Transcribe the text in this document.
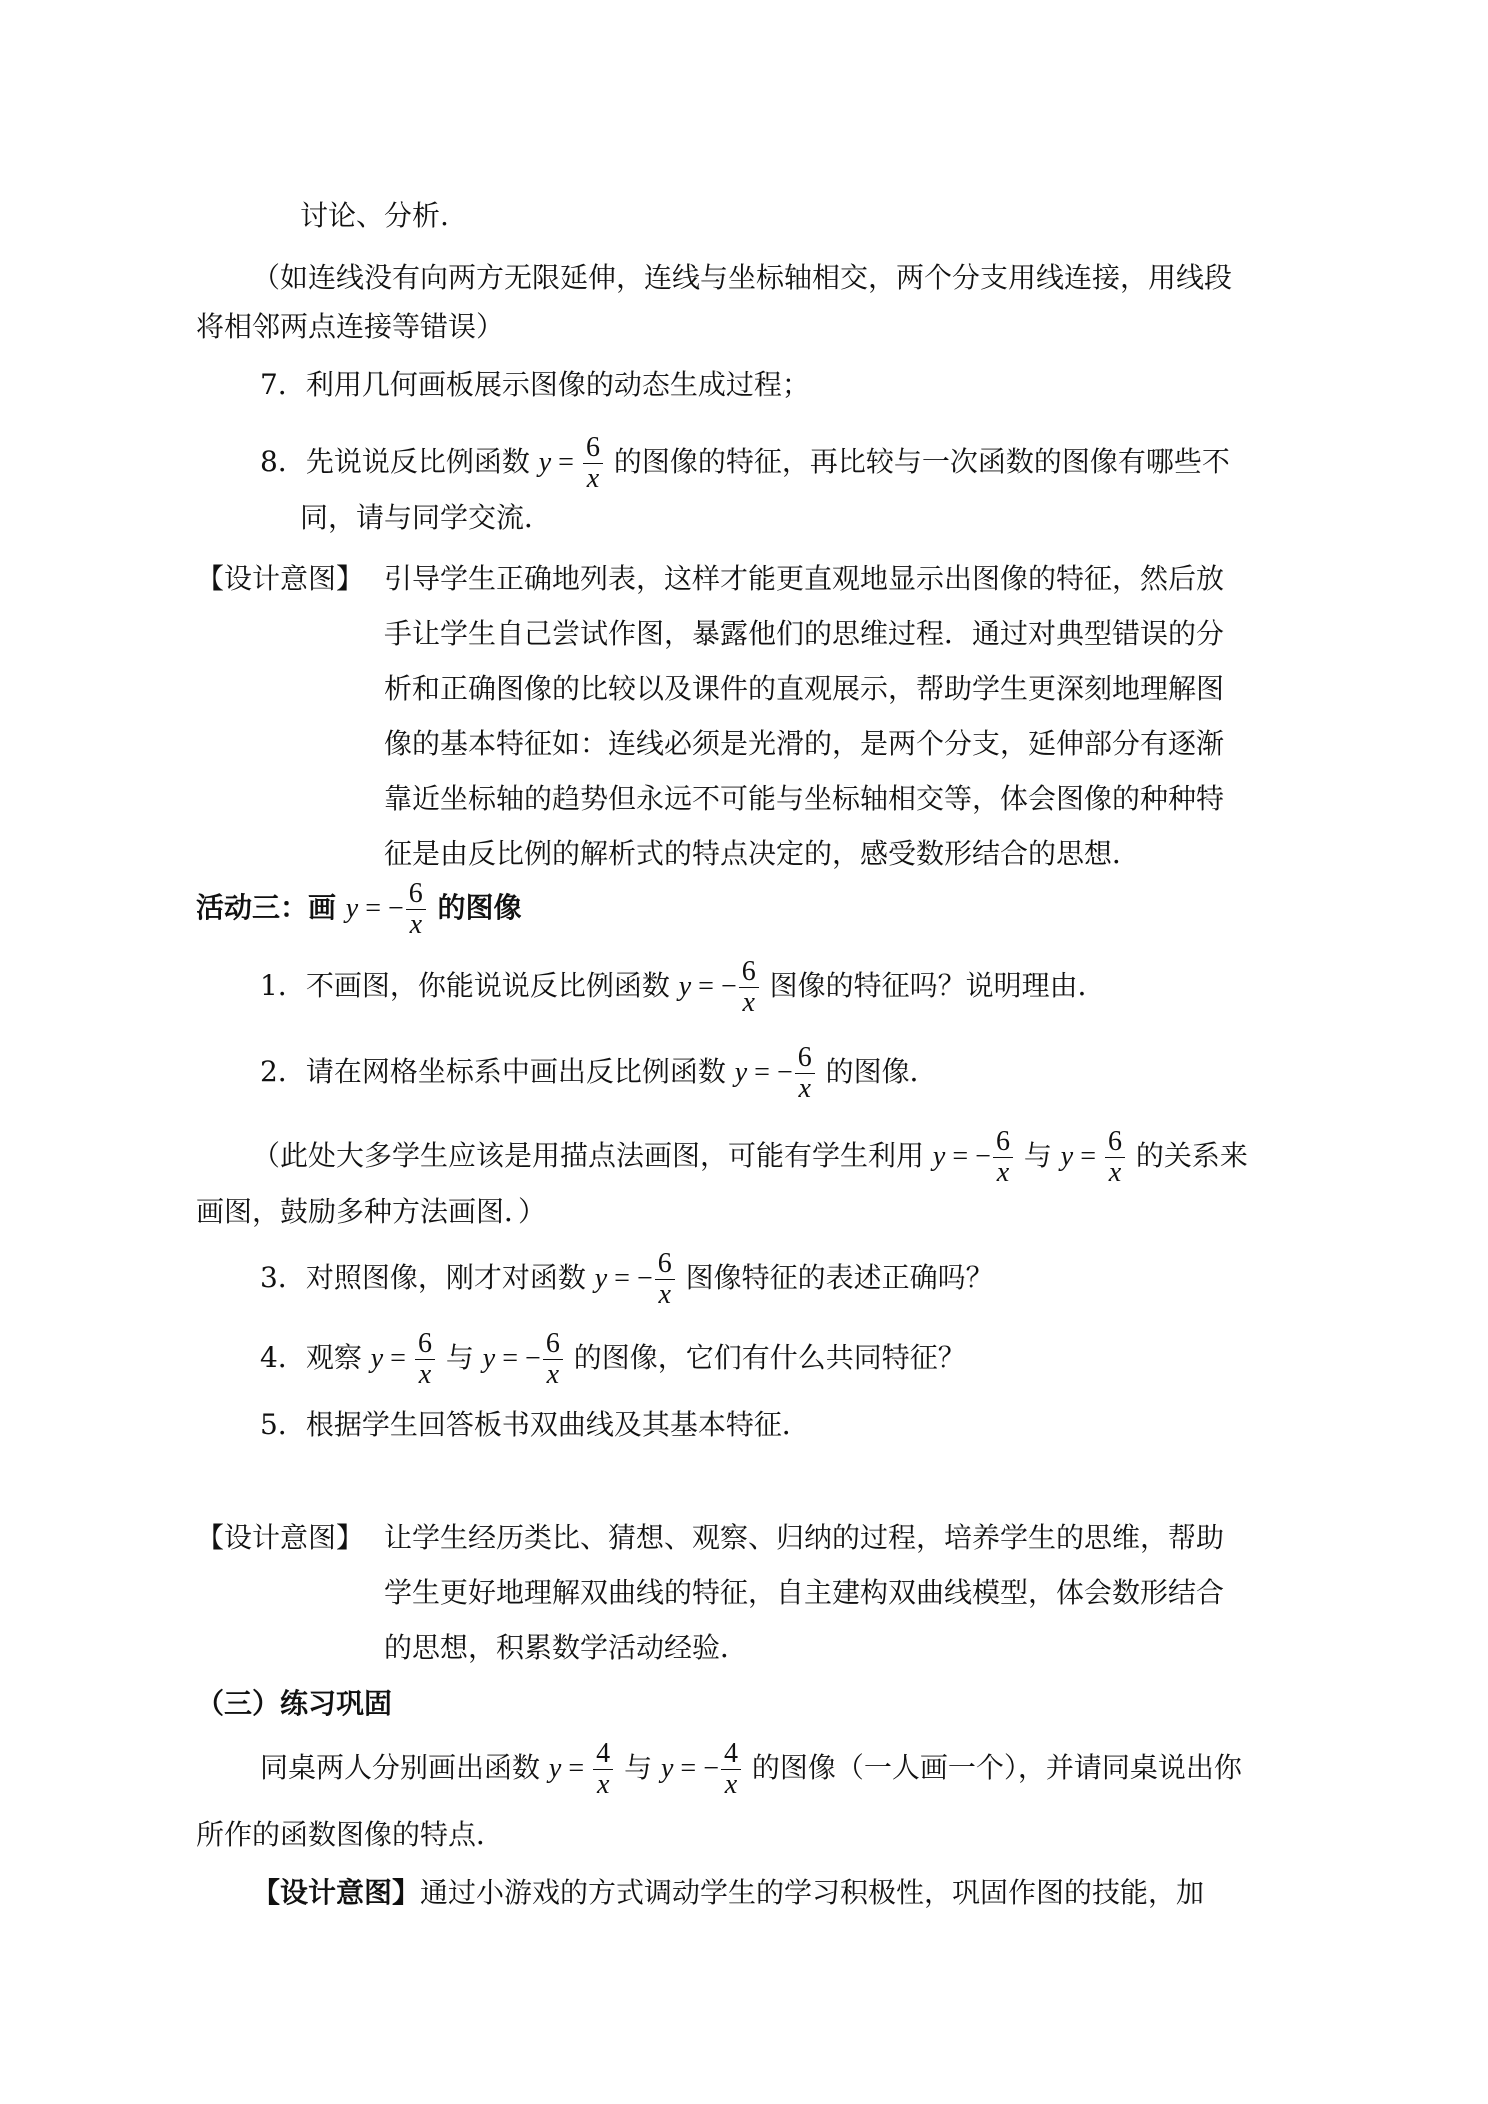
讨论、分析.
（如连线没有向两方无限延伸，连线与坐标轴相交，两个分支用线连接，用线段
将相邻两点连接等错误）
7．利用几何画板展示图像的动态生成过程；
8．先说说反比例函数 $y = \frac{6}{x}$ 的图像的特征，再比较与一次函数的图像有哪些不
同，请与同学交流．
【设计意图】 引导学生正确地列表，这样才能更直观地显示出图像的特征，然后放
手让学生自己尝试作图，暴露他们的思维过程．通过对典型错误的分
析和正确图像的比较以及课件的直观展示，帮助学生更深刻地理解图
像的基本特征如：连线必须是光滑的，是两个分支，延伸部分有逐渐
靠近坐标轴的趋势但永远不可能与坐标轴相交等，体会图像的种种特
征是由反比例的解析式的特点决定的，感受数形结合的思想．
活动三：画 y = − $\frac{6}{x}$ 的图像
1．不画图，你能说说反比例函数 y = − $\frac{6}{x}$ 图像的特征吗？说明理由．
2．请在网格坐标系中画出反比例函数 y = − $\frac{6}{x}$ 的图像．
（此处大多学生应该是用描点法画图，可能有学生利用 y = − $\frac{6}{x}$ 与 $y = \frac{6}{x}$ 的关系来
画图，鼓励多种方法画图．）
3．对照图像，刚才对函数 y = − $\frac{6}{x}$ 图像特征的表述正确吗？
4．观察 $y = \frac{6}{x}$ 与 y = − $\frac{6}{x}$ 的图像，它们有什么共同特征？
5．根据学生回答板书双曲线及其基本特征．
【设计意图】 让学生经历类比、猜想、观察、归纳的过程，培养学生的思维，帮助
学生更好地理解双曲线的特征，自主建构双曲线模型，体会数形结合
的思想，积累数学活动经验．
（三）练习巩固
同桌两人分别画出函数 $y = \frac{4}{x}$ 与 y = − $\frac{4}{x}$ 的图像（一人画一个），并请同桌说出你
所作的函数图像的特点．
【设计意图】通过小游戏的方式调动学生的学习积极性，巩固作图的技能，加
